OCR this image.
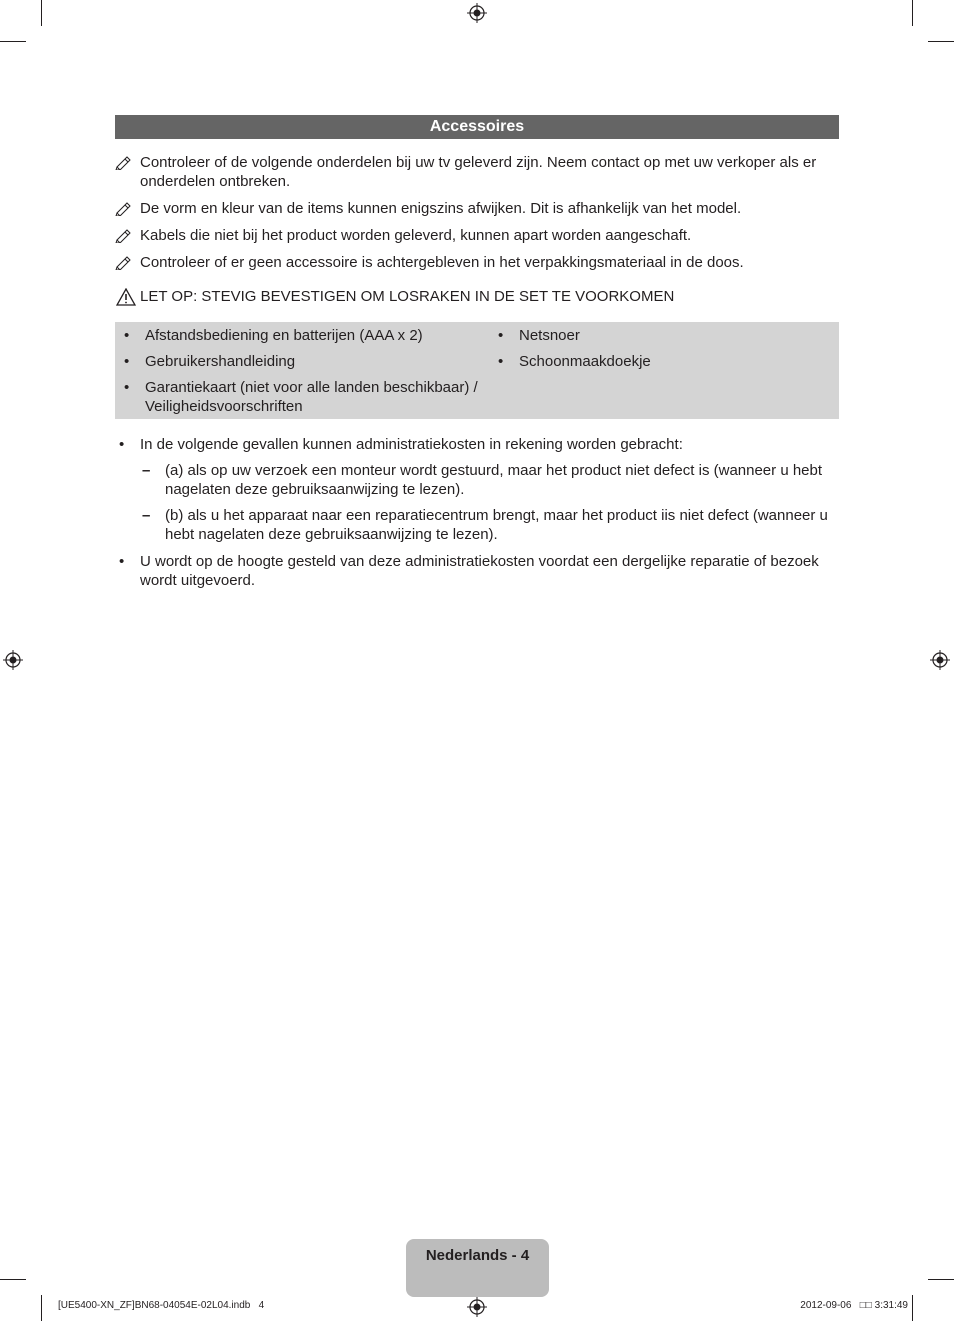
Accessoires
Controleer of de volgende onderdelen bij uw tv geleverd zijn. Neem contact op met uw verkoper als er onderdelen ontbreken.
De vorm en kleur van de items kunnen enigszins afwijken. Dit is afhankelijk van het model.
Kabels die niet bij het product worden geleverd, kunnen apart worden aangeschaft.
Controleer of er geen accessoire is achtergebleven in het verpakkingsmateriaal in de doos.
LET OP: STEVIG BEVESTIGEN OM LOSRAKEN IN DE SET TE VOORKOMEN
• Afstandsbediening en batterijen (AAA x 2)
• Gebruikershandleiding
• Garantiekaart (niet voor alle landen beschikbaar) / Veiligheidsvoorschriften
• Netsnoer
• Schoonmaakdoekje
• In de volgende gevallen kunnen administratiekosten in rekening worden gebracht:
– (a) als op uw verzoek een monteur wordt gestuurd, maar het product niet defect is (wanneer u hebt nagelaten deze gebruiksaanwijzing te lezen).
– (b) als u het apparaat naar een reparatiecentrum brengt, maar het product iis niet defect (wanneer u hebt nagelaten deze gebruiksaanwijzing te lezen).
• U wordt op de hoogte gesteld van deze administratiekosten voordat een dergelijke reparatie of bezoek wordt uitgevoerd.
Nederlands - 4
[UE5400-XN_ZF]BN68-04054E-02L04.indb   4	2012-09-06   □□ 3:31:49
